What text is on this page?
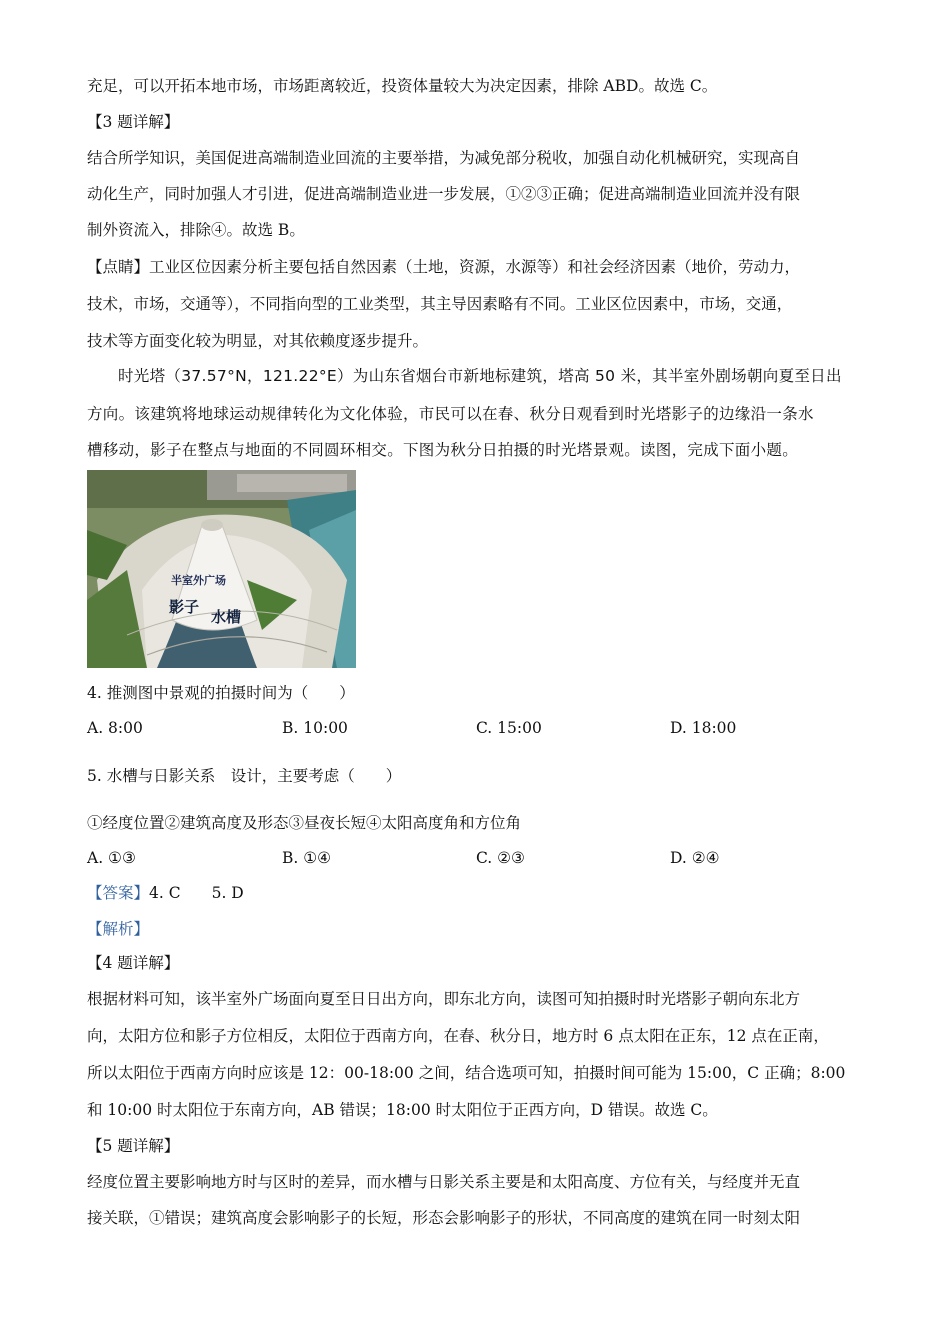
充足，可以开拓本地市场，市场距离较近，投资体量较大为决定因素，排除 ABD。故选 C。
【3 题详解】
结合所学知识，美国促进高端制造业回流的主要举措，为减免部分税收，加强自动化机械研究，实现高自
动化生产，同时加强人才引进，促进高端制造业进一步发展，①②③正确；促进高端制造业回流并没有限
制外资流入，排除④。故选 B。
【点睛】工业区位因素分析主要包括自然因素（土地，资源，水源等）和社会经济因素（地价，劳动力，
技术，市场，交通等），不同指向型的工业类型，其主导因素略有不同。工业区位因素中，市场，交通，
技术等方面变化较为明显，对其依赖度逐步提升。
时光塔（37.57°N，121.22°E）为山东省烟台市新地标建筑，塔高 50 米，其半室外剧场朝向夏至日出
方向。该建筑将地球运动规律转化为文化体验，市民可以在春、秋分日观看到时光塔影子的边缘沿一条水
槽移动，影子在整点与地面的不同圆环相交。下图为秋分日拍摄的时光塔景观。读图，完成下面小题。
半室外广场
影子
水槽
4. 推测图中景观的拍摄时间为（　　）
A. 8:00	B. 10:00	C. 15:00	D. 18:00
5. 水槽与日影关系　设计，主要考虑（　　）
①经度位置②建筑高度及形态③昼夜长短④太阳高度角和方位角
A. ①③	B. ①④	C. ②③	D. ②④
【答案】4. C　　5. D
【解析】
【4 题详解】
根据材料可知，该半室外广场面向夏至日日出方向，即东北方向，读图可知拍摄时时光塔影子朝向东北方
向，太阳方位和影子方位相反，太阳位于西南方向，在春、秋分日，地方时 6 点太阳在正东，12 点在正南，
所以太阳位于西南方向时应该是 12：00-18:00 之间，结合选项可知，拍摄时间可能为 15:00，C 正确；8:00
和 10:00 时太阳位于东南方向，AB 错误；18:00 时太阳位于正西方向，D 错误。故选 C。
【5 题详解】
经度位置主要影响地方时与区时的差异，而水槽与日影关系主要是和太阳高度、方位有关，与经度并无直
接关联，①错误；建筑高度会影响影子的长短，形态会影响影子的形状，不同高度的建筑在同一时刻太阳
